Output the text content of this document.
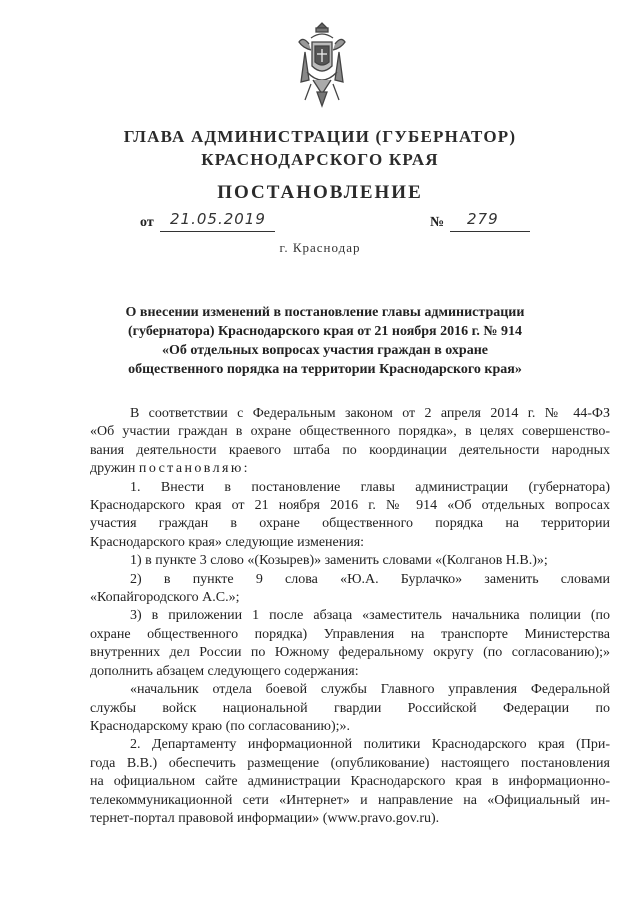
ГЛАВА АДМИНИСТРАЦИИ (ГУБЕРНАТОР)
КРАСНОДАРСКОГО КРАЯ
ПОСТАНОВЛЕНИЕ
от 21.05.2019	№ 279
г. Краснодар
О внесении изменений в постановление главы администрации
(губернатора) Краснодарского края от 21 ноября 2016 г. № 914
«Об отдельных вопросах участия граждан в охране
общественного порядка на территории Краснодарского края»

В соответствии с Федеральным законом от 2 апреля 2014 г. № 44-ФЗ

«Об участии граждан в охране общественного порядка», в целях совершенство-

вания деятельности краевого штаба по координации деятельности народных

дружин постановляю:

1. Внести в постановление главы администрации (губернатора)

Краснодарского края от 21 ноября 2016 г. № 914 «Об отдельных вопросах

участия граждан в охране общественного порядка на территории

Краснодарского края» следующие изменения:

1) в пункте 3 слово «(Козырев)» заменить словами «(Колганов Н.В.)»;

2) в пункте 9 слова «Ю.А. Бурлачко» заменить словами

«Копайгородского А.С.»;

3) в приложении 1 после абзаца «заместитель начальника полиции (по

охране общественного порядка) Управления на транспорте Министерства

внутренних дел России по Южному федеральному округу (по согласованию);»

дополнить абзацем следующего содержания:

«начальник отдела боевой службы Главного управления Федеральной

службы войск национальной гвардии Российской Федерации по

Краснодарскому краю (по согласованию);».

2. Департаменту информационной политики Краснодарского края (При-

года В.В.) обеспечить размещение (опубликование) настоящего постановления

на официальном сайте администрации Краснодарского края в информационно-

телекоммуникационной сети «Интернет» и направление на «Официальный ин-

тернет-портал правовой информации» (www.pravo.gov.ru).
